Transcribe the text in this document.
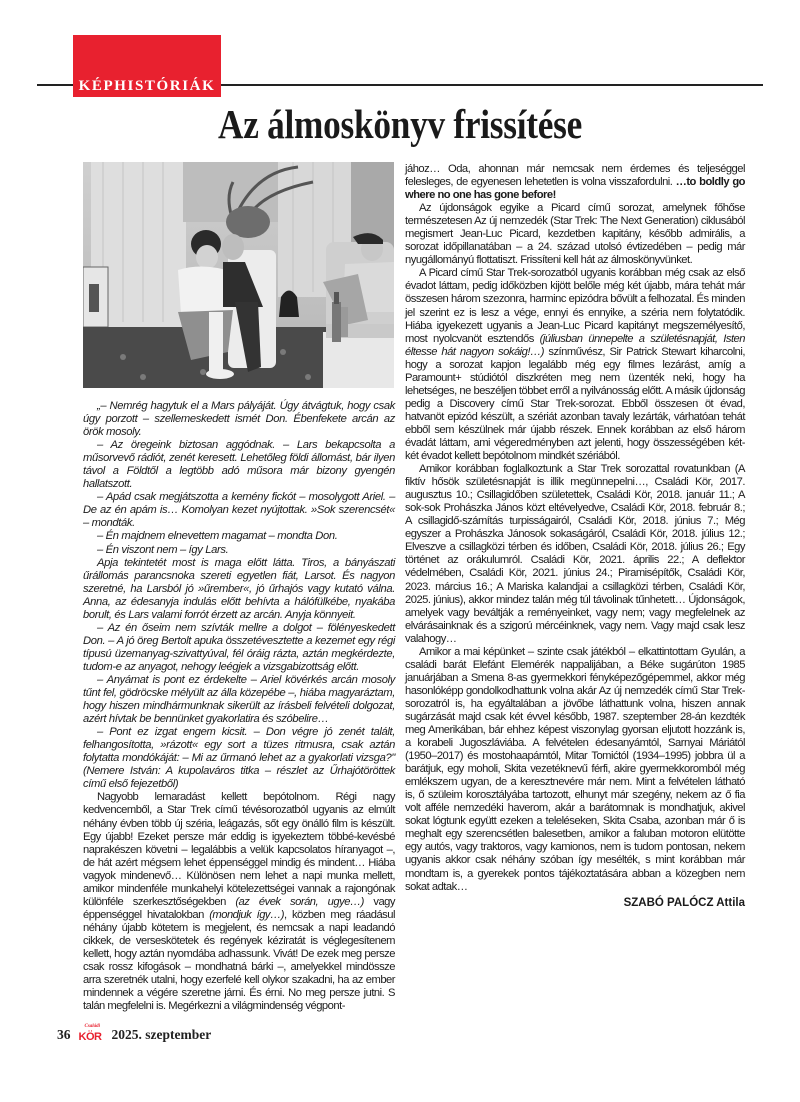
KÉPHISTÓRIÁK
Az álmoskönyv frissítése

„– Nemrég hagytuk el a Mars pályáját. Úgy átvágtuk, hogy csak úgy porzott – szellemeskedett ismét Don. Ébenfekete arcán az örök mosoly.

– Az öregeink biztosan aggódnak. – Lars bekapcsolta a műsorvevő rádiót, zenét keresett. Lehetőleg földi állomást, bár ilyen távol a Földtől a legtöbb adó műsora már bizony gyengén hallatszott.

– Apád csak megjátszotta a kemény fickót – mosolygott Ariel. – De az én apám is… Komolyan kezet nyújtottak. »Sok szerencsét« – mondták.

– Én majdnem elnevettem magamat – mondta Don.

– Én viszont nem – így Lars.

Apja tekintetét most is maga előtt látta. Tiros, a bányászati űrállomás parancsnoka szereti egyetlen fiát, Larsot. És nagyon szeretné, ha Larsból jó »űrember«, jó űrhajós vagy kutató válna. Anna, az édesanyja indulás előtt behívta a hálófülkébe, nyakába borult, és Lars valami forrót érzett az arcán. Anyja könnyeit.

– Az én őseim nem szívták mellre a dolgot – fölényeskedett Don. – A jó öreg Bertolt apuka összetévesztette a kezemet egy régi típusú üzemanyag-szivattyúval, fél óráig rázta, aztán megkérdezte, tudom-e az anyagot, nehogy leégjek a vizsgabizottság előtt.

– Anyámat is pont ez érdekelte – Ariel kövérkés arcán mosoly tűnt fel, gödröcske mélyült az álla közepébe –, hiába magyaráztam, hogy hiszen mindhármunknak sikerült az írásbeli felvételi dolgozat, azért hívtak be bennünket gyakorlatira és szóbelire…

– Pont ez izgat engem kicsit. – Don végre jó zenét talált, felhangosította, »rázott« egy sort a tüzes ritmusra, csak aztán folytatta mondókáját: – Mi az űrmanó lehet az a gyakorlati vizsga?" (Nemere István: A kupolaváros titka – részlet az Űrhajótöröttek című első fejezetből)

Nagyobb lemaradást kellett bepótolnom. Régi nagy kedvencemből, a Star Trek című tévésorozatból ugyanis az elmúlt néhány évben több új széria, leágazás, sőt egy önálló film is készült. Egy újabb! Ezeket persze már eddig is igyekeztem többé-kevésbé naprakészen követni – legalábbis a velük kapcsolatos híranyagot –, de hát azért mégsem lehet éppenséggel mindig és mindent… Hiába vagyok mindenevő… Különösen nem lehet a napi munka mellett, amikor mindenféle munkahelyi kötelezettségei vannak a rajongónak különféle szerkesztőségekben (az évek során, ugye…) vagy éppenséggel hivatalokban (mondjuk így…), közben meg ráadásul néhány újabb kötetem is megjelent, és nemcsak a napi leadandó cikkek, de verseskötetek és regények kéziratát is véglegesítenem kellett, hogy aztán nyomdába adhassunk. Vivát! De ezek meg persze csak rossz kifogások – mondhatná bárki –, amelyekkel mindössze arra szeretnék utalni, hogy ezerfelé kell olykor szakadni, ha az ember mindennek a végére szeretne járni. És érni. No meg persze jutni. S talán megfelelni is. Megérkezni a világmindenség végpont-

jához… Oda, ahonnan már nemcsak nem érdemes és teljeséggel felesleges, de egyenesen lehetetlen is volna visszafordulni. …to boldly go where no one has gone before!

Az újdonságok egyike a Picard című sorozat, amelynek főhőse természetesen Az új nemzedék (Star Trek: The Next Generation) ciklusából megismert Jean-Luc Picard, kezdetben kapitány, később admirális, a sorozat időpillanatában – a 24. század utolsó évtizedében – pedig már nyugállományú flottatiszt. Frissíteni kell hát az álmoskönyvünket.

A Picard című Star Trek-sorozatból ugyanis korábban még csak az első évadot láttam, pedig időközben kijött belőle még két újabb, mára tehát már összesen három szezonra, harminc epizódra bővült a felhozatal. És minden jel szerint ez is lesz a vége, ennyi és ennyike, a széria nem folytatódik. Hiába igyekezett ugyanis a Jean-Luc Picard kapitányt megszemélyesítő, most nyolcvanöt esztendős (júliusban ünnepelte a születésnapját, Isten éltesse hát nagyon sokáig!…) színművész, Sir Patrick Stewart kiharcolni, hogy a sorozat kapjon legalább még egy filmes lezárást, amíg a Paramount+ stúdiótól diszkréten meg nem üzenték neki, hogy ha lehetséges, ne beszéljen többet erről a nyilvánosság előtt. A másik újdonság pedig a Discovery című Star Trek-sorozat. Ebből összesen öt évad, hatvanöt epizód készült, a szériát azonban tavaly lezárták, várhatóan tehát ebből sem készülnek már újabb részek. Ennek korábban az első három évadát láttam, ami végeredményben azt jelenti, hogy összességében két-két évadot kellett bepótolnom mindkét szériából.

Amikor korábban foglalkoztunk a Star Trek sorozattal rovatunkban (A fiktív hősök születésnapját is illik megünnepelni…, Családi Kör, 2017. augusztus 10.; Csillagidőben születettek, Családi Kör, 2018. január 11.; A sok-sok Prohászka János közt eltévelyedve, Családi Kör, 2018. február 8.; A csillagidő-számítás turpisságairól, Családi Kör, 2018. június 7.; Még egyszer a Prohászka Jánosok sokaságáról, Családi Kör, 2018. július 12.; Elveszve a csillagközi térben és időben, Családi Kör, 2018. július 26.; Egy történet az orákulumról. Családi Kör, 2021. április 22.; A deflektor védelmében, Családi Kör, 2021. június 24.; Piramisépítők, Családi Kör, 2023. március 16.; A Mariska kalandjai a csillagközi térben, Családi Kör, 2025. június), akkor mindez talán még túl távolinak tűnhetett… Újdonságok, amelyek vagy beváltják a reményeinket, vagy nem; vagy megfelelnek az elvárásainknak és a szigorú mércéinknek, vagy nem. Vagy majd csak lesz valahogy…

Amikor a mai képünket – szinte csak játékból – elkattintottam Gyulán, a családi barát Elefánt Elemérék nappalijában, a Béke sugárúton 1985 januárjában a Smena 8-as gyermekkori fényképezőgépemmel, akkor még hasonlóképp gondolkodhattunk volna akár Az új nemzedék című Star Trek-sorozatról is, ha egyáltalában a jövőbe láthattunk volna, hiszen annak sugárzását majd csak két évvel később, 1987. szeptember 28-án kezdték meg Amerikában, bár ehhez képest viszonylag gyorsan eljutott hozzánk is, a korabeli Jugoszláviába. A felvételen édesanyámtól, Sarnyai Máriától (1950–2017) és mostohaapámtól, Mitar Tomićtól (1934–1995) jobbra ül a barátjuk, egy moholi, Skita vezetéknevű férfi, akire gyermekkoromból még emlékszem ugyan, de a keresztnevére már nem. Mint a felvételen látható is, ő szüleim korosztályába tartozott, elhunyt már szegény, nekem az ő fia volt afféle nemzedéki haverom, akár a barátomnak is mondhatjuk, akivel sokat lógtunk együtt ezeken a teleléseken, Skita Csaba, azonban már ő is meghalt egy szerencsétlen balesetben, amikor a faluban motoron elütötte egy autós, vagy traktoros, vagy kamionos, nem is tudom pontosan, nekem ugyanis akkor csak néhány szóban így mesélték, s mint korábban már mondtam is, a gyerekek pontos tájékoztatására abban a közegben nem sokat adtak…

SZABÓ PALÓCZ Attila
36
Családi
KÖR 2025. szeptember
